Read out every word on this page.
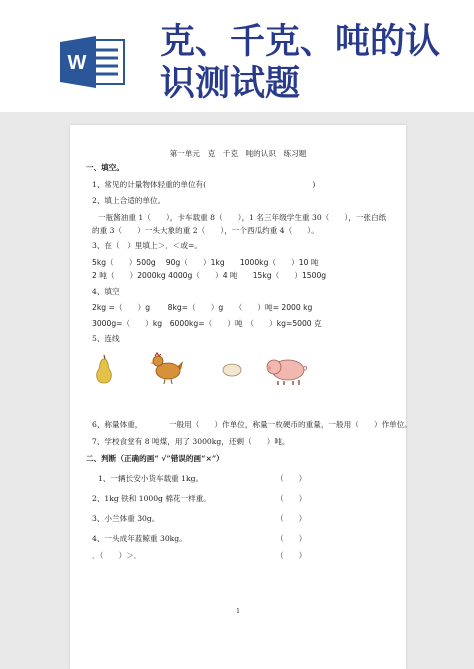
W
克、千克、吨的认
识测试题
第一单元　克　千克　吨的认识　练习题
一、填空。
1、常见的计量物体轻重的单位有(　　　　　　　　　　　　　　)
2、填上合适的单位。
一瓶酱油重 1（　　），卡车载重 8（　　），1 名三年级学生重 30（　　），一张白纸
的重 3（　　）一头大象的重 2（　　），一个西瓜约重 4（　　）。
3、在（　）里填上＞．＜或=。
5kg（　　）500g　 90g（　　）1kg　　1000kg（　　）10 吨
2 吨（　　）2000kg 4000g（　　）4 吨　　15kg（　　）1500g
4、填空
2kg =（　　）g　　 8kg=（　　）g　　（　　）吨= 2000 kg
3000g=（　　）kg　6000kg=（　　）吨　（　　）kg=5000 克
5、连线
6、称量体重，　　　　一般用（　　）作单位，称量一枚硬币的重量，一般用（　　）作单位。
7、学校食堂有 8 吨煤，用了 3000kg，还剩（　　）吨。
二、判断（正确的画“ √”错误的画“×”）
1、一辆长安小货车载重 1kg。	（　　）
2、1kg 铁和 1000g 棉花一样重。	（　　）
3、小兰体重 30g。	（　　）
4、一头成年蓝鲸重 30kg。	（　　）
．（　　）＞．	（　　）
1
